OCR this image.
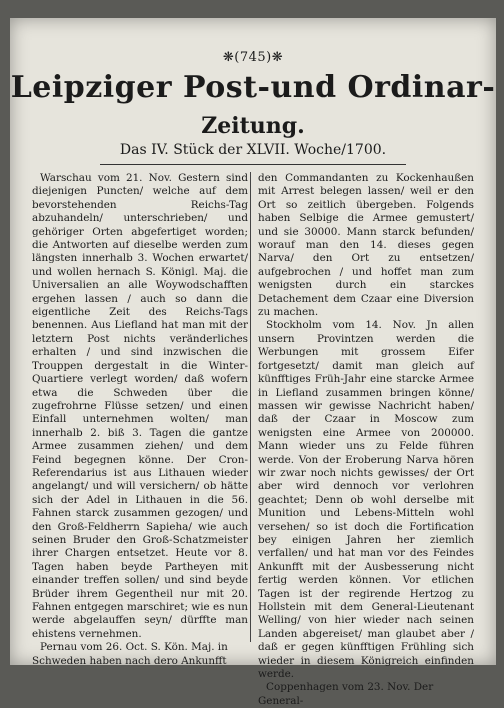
❋(745)❋
Leipziger Post-und Ordinar-
Zeitung.
Das IV. Stück der XLVII. Woche/1700.

Warschau vom 21. Nov. Gestern sind diejenigen Puncten/ welche auf dem bevorstehenden Reichs-Tag abzuhandeln/ unterschrieben/ und gehöriger Orten abgefertiget worden; die Antworten auf dieselbe werden zum längsten innerhalb 3. Wochen erwartet/ und wollen hernach S. Königl. Maj. die Universalien an alle Woywodschafften ergehen lassen / auch so dann die eigentliche Zeit des Reichs-Tags benennen. Aus Liefland hat man mit der letztern Post nichts veränderliches erhalten / und sind inzwischen die Trouppen dergestalt in die Winter-Quartiere verlegt worden/ daß wofern etwa die Schweden über die zugefrohrne Flüsse setzen/ und einen Einfall unternehmen wolten/ man innerhalb 2. biß 3. Tagen die gantze Armee zusammen ziehen/ und dem Feind begegnen könne. Der Cron-Referendarius ist aus Lithauen wieder angelangt/ und will versichern/ ob hätte sich der Adel in Lithauen in die 56. Fahnen starck zusammen gezogen/ und den Groß-Feldherrn Sapieha/ wie auch seinen Bruder den Groß-Schatzmeister ihrer Chargen entsetzet. Heute vor 8. Tagen haben beyde Partheyen mit einander treffen sollen/ und sind beyde Brüder ihrem Gegentheil nur mit 20. Fahnen entgegen marschiret; wie es nun werde abgelauffen seyn/ dürffte man ehistens vernehmen.

Pernau vom 26. Oct. S. Kön. Maj. in Schweden haben nach dero Ankunfft

den Commandanten zu Kockenhaußen mit Arrest belegen lassen/ weil er den Ort so zeitlich übergeben. Folgends haben Selbige die Armee gemustert/ und sie 30000. Mann starck befunden/ worauf man den 14. dieses gegen Narva/ den Ort zu entsetzen/ aufgebrochen / und hoffet man zum wenigsten durch ein starckes Detachement dem Czaar eine Diversion zu machen.

Stockholm vom 14. Nov. Jn allen unsern Provintzen werden die Werbungen mit grossem Eifer fortgesetzt/ damit man gleich auf künfftiges Früh-Jahr eine starcke Armee in Liefland zusammen bringen könne/ massen wir gewisse Nachricht haben/ daß der Czaar in Moscow zum wenigsten eine Armee von 200000. Mann wieder uns zu Felde führen werde. Von der Eroberung Narva hören wir zwar noch nichts gewisses/ der Ort aber wird dennoch vor verlohren geachtet; Denn ob wohl derselbe mit Munition und Lebens-Mitteln wohl versehen/ so ist doch die Fortification bey einigen Jahren her ziemlich verfallen/ und hat man vor des Feindes Ankunfft mit der Ausbesserung nicht fertig werden können. Vor etlichen Tagen ist der regirende Hertzog zu Hollstein mit dem General-Lieutenant Welling/ von hier wieder nach seinen Landen abgereiset/ man glaubet aber / daß er gegen künfftigen Frühling sich wieder in diesem Königreich einfinden werde.

Coppenhagen vom 23. Nov. Der General-
